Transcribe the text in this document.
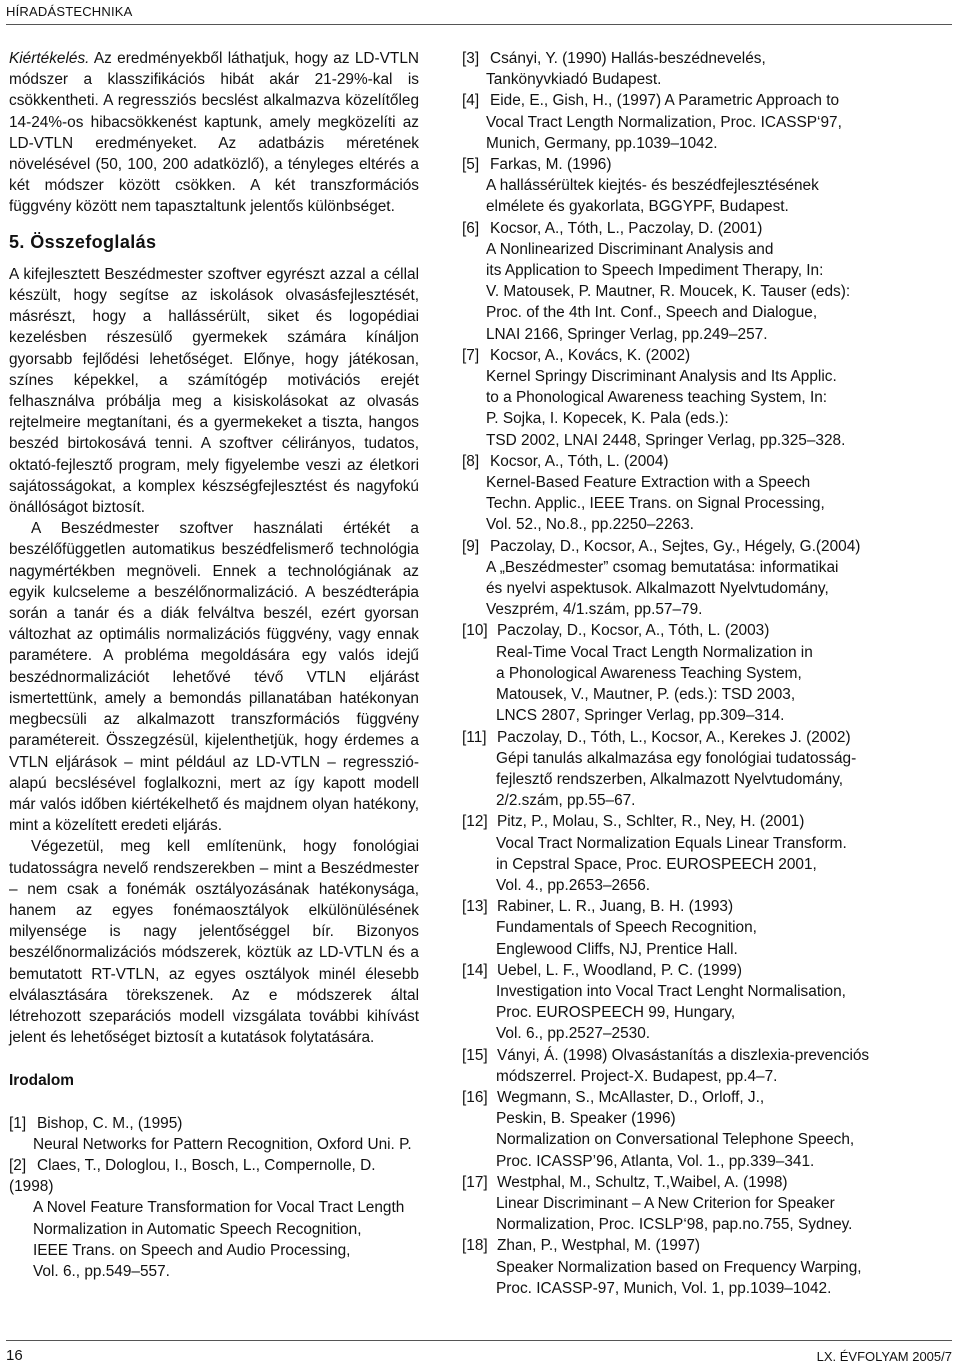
HÍRADÁSTECHNIKA

Kiértékelés. Az eredményekből láthatjuk, hogy az LD-VTLN módszer a klasszifikációs hibát akár 21-29%-kal is csökkentheti. A regressziós becslést alkalmazva közelítőleg 14-24%-os hibacsökkenést kaptunk, amely megközelíti az LD-VTLN eredményeket. Az adatbázis méretének növelésével (50, 100, 200 adatközlő), a tényleges eltérés a két módszer között csökken. A két transzformációs függvény között nem tapasztaltunk jelentős különbséget.

5. Összefoglalás

A kifejlesztett Beszédmester szoftver egyrészt azzal a céllal készült, hogy segítse az iskolások olvasásfejlesztését, másrészt, hogy a hallássérült, siket és logopédiai kezelésben részesülő gyermekek számára kínáljon gyorsabb fejlődési lehetőséget. Előnye, hogy játékosan, színes képekkel, a számítógép motivációs erejét felhasználva próbálja meg a kisiskolásokat az olvasás rejtelmeire megtanítani, és a gyermekeket a tiszta, hangos beszéd birtokosává tenni. A szoftver célirányos, tudatos, oktató-fejlesztő program, mely figyelembe veszi az életkori sajátosságokat, a komplex készségfejlesztést és nagyfokú önállóságot biztosít.

A Beszédmester szoftver használati értékét a beszélőfüggetlen automatikus beszédfelismerő technológia nagymértékben megnöveli. Ennek a technológiának az egyik kulcseleme a beszélőnormalizáció. A beszédterápia során a tanár és a diák felváltva beszél, ezért gyorsan változhat az optimális normalizációs függvény, vagy ennak paramétere. A probléma megoldására egy valós idejű beszédnormalizációt lehetővé tévő VTLN eljárást ismertettünk, amely a bemondás pillanatában hatékonyan megbecsüli az alkalmazott transzformációs függvény paramétereit. Összegzésül, kijelenthetjük, hogy érdemes a VTLN eljárások – mint például az LD-VTLN – regresszió-alapú becslésével foglalkozni, mert az így kapott modell már valós időben kiértékelhető és majdnem olyan hatékony, mint a közelített eredeti eljárás.

Végezetül, meg kell említenünk, hogy fonológiai tudatosságra nevelő rendszerekben – mint a Beszédmester – nem csak a fonémák osztályozásának hatékonysága, hanem az egyes fonémaosztályok elkülönülésének milyensége is nagy jelentőséggel bír. Bizonyos beszélőnormalizációs módszerek, köztük az LD-VTLN és a bemutatott RT-VTLN, az egyes osztályok minél élesebb elválasztására törekszenek. Az e módszerek által létrehozott szeparációs modell vizsgálata további kihívást jelent és lehetőséget biztosít a kutatások folytatására.

Irodalom
[1] Bishop, C. M., (1995)
Neural Networks for Pattern Recognition, Oxford Uni. P.
[2] Claes, T., Dologlou, I., Bosch, L., Compernolle, D.(1998)
A Novel Feature Transformation for Vocal Tract Length
Normalization in Automatic Speech Recognition,
IEEE Trans. on Speech and Audio Processing,
Vol. 6., pp.549–557.
[3] Csányi, Y. (1990) Hallás-beszédnevelés,
Tankönyvkiadó Budapest.
[4] Eide, E., Gish, H., (1997) A Parametric Approach to
Vocal Tract Length Normalization, Proc. ICASSP‘97,
Munich, Germany, pp.1039–1042.
[5] Farkas, M. (1996)
A hallássérültek kiejtés- és beszédfejlesztésének
elmélete és gyakorlata, BGGYPF, Budapest.
[6] Kocsor, A., Tóth, L., Paczolay, D. (2001)
A Nonlinearized Discriminant Analysis and
its Application to Speech Impediment Therapy, In:
V. Matousek, P. Mautner, R. Moucek, K. Tauser (eds):
Proc. of the 4th Int. Conf., Speech and Dialogue,
LNAI 2166, Springer Verlag, pp.249–257.
[7] Kocsor, A., Kovács, K. (2002)
Kernel Springy Discriminant Analysis and Its Applic.
to a Phonological Awareness teaching System, In:
P. Sojka, I. Kopecek, K. Pala (eds.):
TSD 2002, LNAI 2448, Springer Verlag, pp.325–328.
[8] Kocsor, A., Tóth, L. (2004)
Kernel-Based Feature Extraction with a Speech
Techn. Applic., IEEE Trans. on Signal Processing,
Vol. 52., No.8., pp.2250–2263.
[9] Paczolay, D., Kocsor, A., Sejtes, Gy., Hégely, G.(2004)
A „Beszédmester” csomag bemutatása: informatikai
és nyelvi aspektusok. Alkalmazott Nyelvtudomány,
Veszprém, 4/1.szám, pp.57–79.
[10] Paczolay, D., Kocsor, A., Tóth, L. (2003)
Real-Time Vocal Tract Length Normalization in
a Phonological Awareness Teaching System,
Matousek, V., Mautner, P. (eds.): TSD 2003,
LNCS 2807, Springer Verlag, pp.309–314.
[11] Paczolay, D., Tóth, L., Kocsor, A., Kerekes J. (2002)
Gépi tanulás alkalmazása egy fonológiai tudatosság-
fejlesztő rendszerben, Alkalmazott Nyelvtudomány,
2/2.szám, pp.55–67.
[12] Pitz, P., Molau, S., Schlter, R., Ney, H. (2001)
Vocal Tract Normalization Equals Linear Transform.
in Cepstral Space, Proc. EUROSPEECH 2001,
Vol. 4., pp.2653–2656.
[13] Rabiner, L. R., Juang, B. H. (1993)
Fundamentals of Speech Recognition,
Englewood Cliffs, NJ, Prentice Hall.
[14] Uebel, L. F., Woodland, P. C. (1999)
Investigation into Vocal Tract Lenght Normalisation,
Proc. EUROSPEECH 99, Hungary,
Vol. 6., pp.2527–2530.
[15] Ványi, Á. (1998) Olvasástanítás a diszlexia-prevenciós
módszerrel. Project-X. Budapest, pp.4–7.
[16] Wegmann, S., McAllaster, D., Orloff, J.,
Peskin, B. Speaker (1996)
Normalization on Conversational Telephone Speech,
Proc. ICASSP’96, Atlanta, Vol. 1., pp.339–341.
[17] Westphal, M., Schultz, T.,Waibel, A. (1998)
Linear Discriminant – A New Criterion for Speaker
Normalization, Proc. ICSLP‘98, pap.no.755, Sydney.
[18] Zhan, P., Westphal, M. (1997)
Speaker Normalization based on Frequency Warping,
Proc. ICASSP-97, Munich, Vol. 1, pp.1039–1042.
16	LX. ÉVFOLYAM 2005/7
